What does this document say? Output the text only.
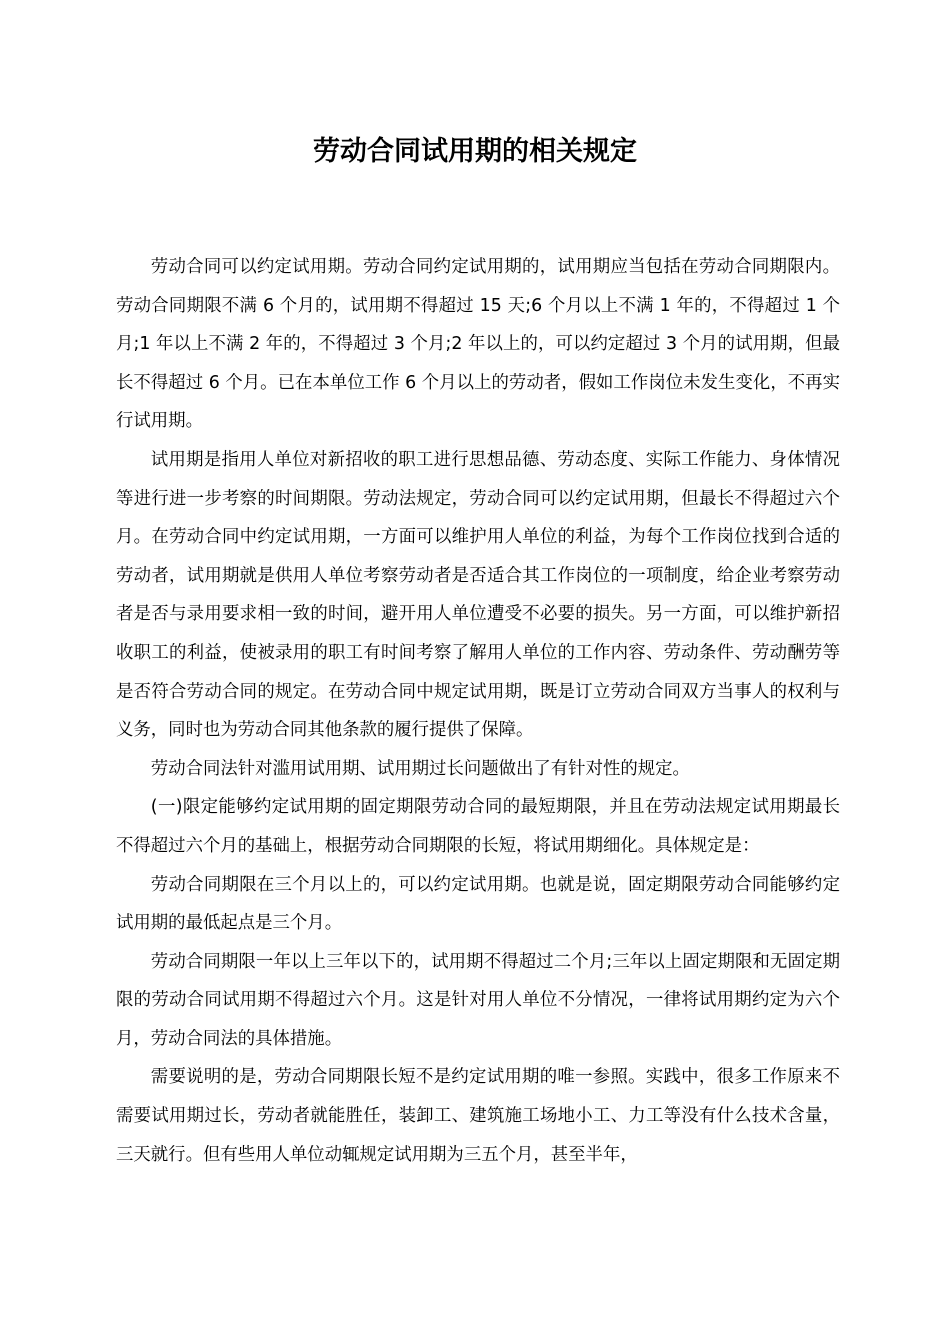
劳动合同试用期的相关规定

劳动合同可以约定试用期。劳动合同约定试用期的，试用期应当包括在劳动合同期限内。劳动合同期限不满 6 个月的，试用期不得超过 15 天;6 个月以上不满 1 年的，不得超过 1 个月;1 年以上不满 2 年的，不得超过 3 个月;2 年以上的，可以约定超过 3 个月的试用期，但最长不得超过 6 个月。已在本单位工作 6 个月以上的劳动者，假如工作岗位未发生变化，不再实行试用期。

试用期是指用人单位对新招收的职工进行思想品德、劳动态度、实际工作能力、身体情况等进行进一步考察的时间期限。劳动法规定，劳动合同可以约定试用期，但最长不得超过六个月。在劳动合同中约定试用期，一方面可以维护用人单位的利益，为每个工作岗位找到合适的劳动者，试用期就是供用人单位考察劳动者是否适合其工作岗位的一项制度，给企业考察劳动者是否与录用要求相一致的时间，避开用人单位遭受不必要的损失。另一方面，可以维护新招收职工的利益，使被录用的职工有时间考察了解用人单位的工作内容、劳动条件、劳动酬劳等是否符合劳动合同的规定。在劳动合同中规定试用期，既是订立劳动合同双方当事人的权利与义务，同时也为劳动合同其他条款的履行提供了保障。

劳动合同法针对滥用试用期、试用期过长问题做出了有针对性的规定。

(一)限定能够约定试用期的固定期限劳动合同的最短期限，并且在劳动法规定试用期最长不得超过六个月的基础上，根据劳动合同期限的长短，将试用期细化。具体规定是：

劳动合同期限在三个月以上的，可以约定试用期。也就是说，固定期限劳动合同能够约定试用期的最低起点是三个月。

劳动合同期限一年以上三年以下的，试用期不得超过二个月;三年以上固定期限和无固定期限的劳动合同试用期不得超过六个月。这是针对用人单位不分情况，一律将试用期约定为六个月，劳动合同法的具体措施。

需要说明的是，劳动合同期限长短不是约定试用期的唯一参照。实践中，很多工作原来不需要试用期过长，劳动者就能胜任，装卸工、建筑施工场地小工、力工等没有什么技术含量，三天就行。但有些用人单位动辄规定试用期为三五个月，甚至半年，
